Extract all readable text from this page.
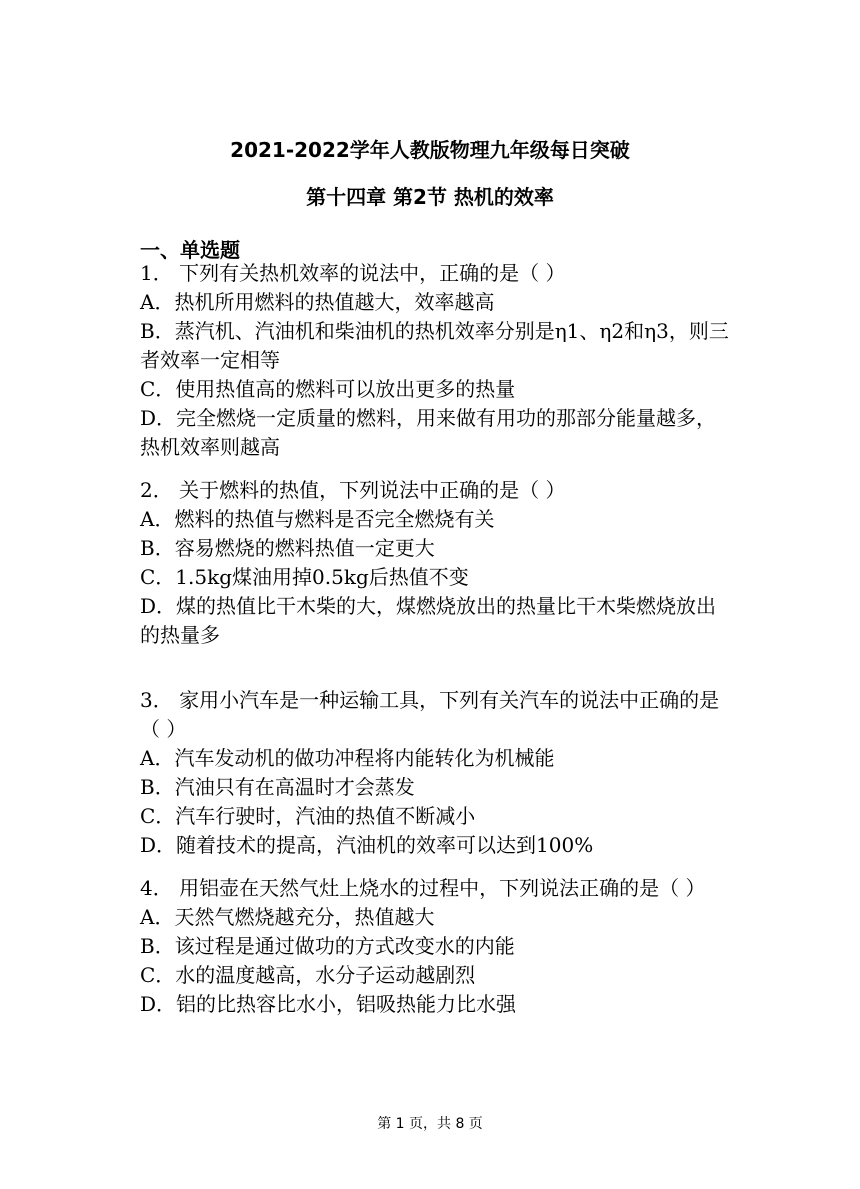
2021-2022学年人教版物理九年级每日突破
第十四章 第2节 热机的效率
一、单选题
1． 下列有关热机效率的说法中，正确的是（ ）
A．热机所用燃料的热值越大，效率越高
B．蒸汽机、汽油机和柴油机的热机效率分别是η1、η2和η3，则三者效率一定相等
C．使用热值高的燃料可以放出更多的热量
D．完全燃烧一定质量的燃料，用来做有用功的那部分能量越多，热机效率则越高
2． 关于燃料的热值，下列说法中正确的是（ ）
A．燃料的热值与燃料是否完全燃烧有关
B．容易燃烧的燃料热值一定更大
C．1.5kg煤油用掉0.5kg后热值不变
D．煤的热值比干木柴的大，煤燃烧放出的热量比干木柴燃烧放出的热量多
3． 家用小汽车是一种运输工具，下列有关汽车的说法中正确的是（ ）
A．汽车发动机的做功冲程将内能转化为机械能
B．汽油只有在高温时才会蒸发
C．汽车行驶时，汽油的热值不断减小
D．随着技术的提高，汽油机的效率可以达到100%
4． 用铝壶在天然气灶上烧水的过程中，下列说法正确的是（ ）
A．天然气燃烧越充分，热值越大
B．该过程是通过做功的方式改变水的内能
C．水的温度越高，水分子运动越剧烈
D．铝的比热容比水小，铝吸热能力比水强
第 1 页，共 8 页
